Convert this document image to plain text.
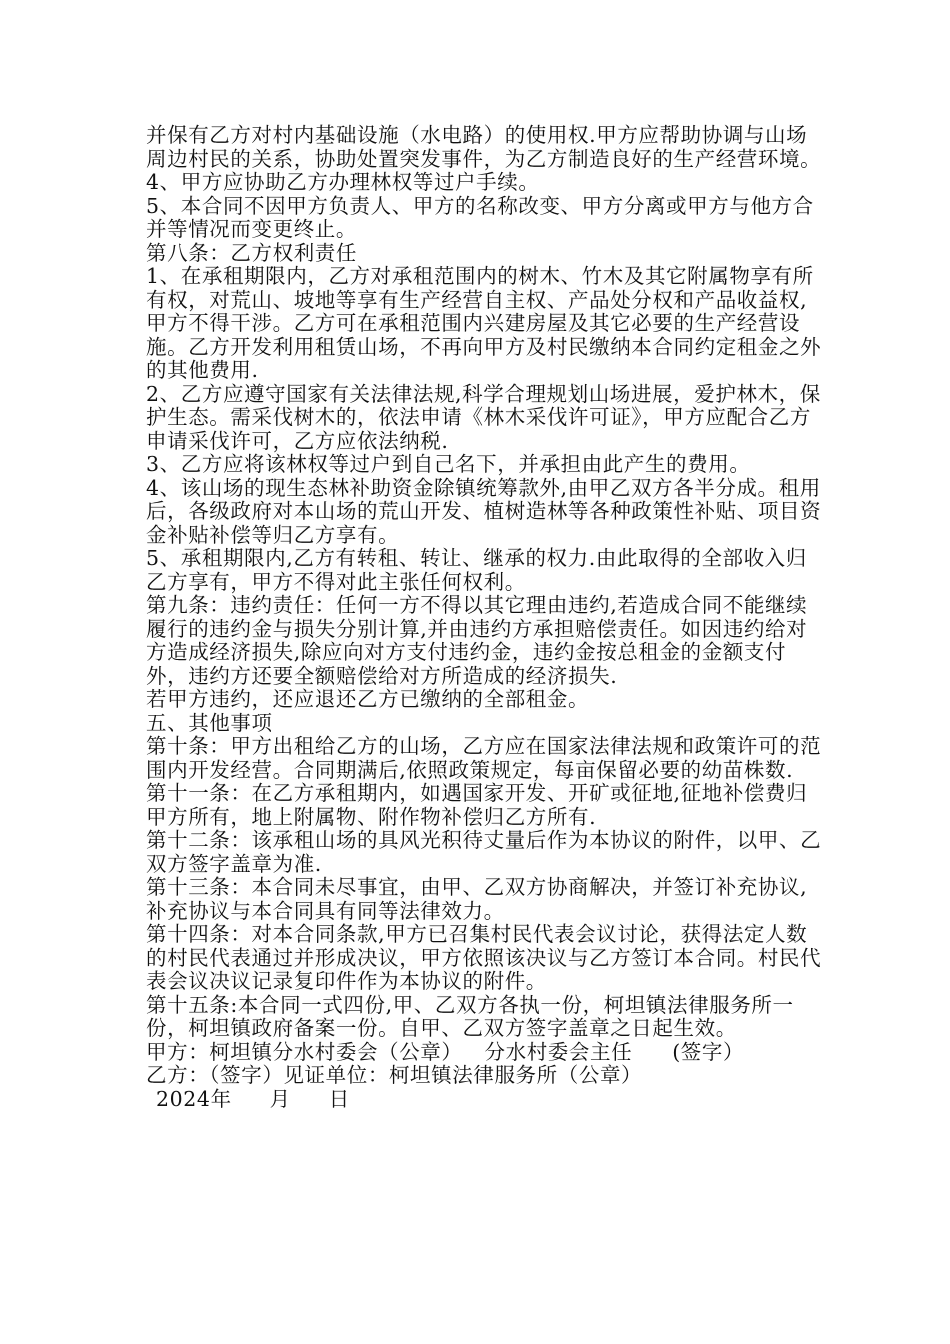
并保有乙方对村内基础设施（水电路）的使用权.甲方应帮助协调与山场周边村民的关系，协助处置突发事件，为乙方制造良好的生产经营环境。

4、甲方应协助乙方办理林权等过户手续。

5、本合同不因甲方负责人、甲方的名称改变、甲方分离或甲方与他方合并等情况而变更终止。

第八条：乙方权利责任

1、在承租期限内，乙方对承租范围内的树木、竹木及其它附属物享有所有权，对荒山、坡地等享有生产经营自主权、产品处分权和产品收益权,甲方不得干涉。乙方可在承租范围内兴建房屋及其它必要的生产经营设施。乙方开发利用租赁山场，不再向甲方及村民缴纳本合同约定租金之外的其他费用.

2、乙方应遵守国家有关法律法规,科学合理规划山场进展，爱护林木，保护生态。需采伐树木的，依法申请《林木采伐许可证》，甲方应配合乙方申请采伐许可，乙方应依法纳税.

3、乙方应将该林权等过户到自己名下，并承担由此产生的费用。

4、该山场的现生态林补助资金除镇统筹款外,由甲乙双方各半分成。租用后，各级政府对本山场的荒山开发、植树造林等各种政策性补贴、项目资金补贴补偿等归乙方享有。

5、承租期限内,乙方有转租、转让、继承的权力.由此取得的全部收入归乙方享有，甲方不得对此主张任何权利。

第九条：违约责任：任何一方不得以其它理由违约,若造成合同不能继续履行的违约金与损失分别计算,并由违约方承担赔偿责任。如因违约给对方造成经济损失,除应向对方支付违约金，违约金按总租金的金额支付外，违约方还要全额赔偿给对方所造成的经济损失.

若甲方违约，还应退还乙方已缴纳的全部租金。

五、其他事项

第十条：甲方出租给乙方的山场，乙方应在国家法律法规和政策许可的范围内开发经营。合同期满后,依照政策规定，每亩保留必要的幼苗株数.

第十一条：在乙方承租期内，如遇国家开发、开矿或征地,征地补偿费归甲方所有，地上附属物、附作物补偿归乙方所有.

第十二条：该承租山场的具风光积待丈量后作为本协议的附件，以甲、乙双方签字盖章为准.

第十三条：本合同未尽事宜，由甲、乙双方协商解决，并签订补充协议,补充协议与本合同具有同等法律效力。

第十四条：对本合同条款,甲方已召集村民代表会议讨论，获得法定人数的村民代表通过并形成决议，甲方依照该决议与乙方签订本合同。村民代表会议决议记录复印件作为本协议的附件。

第十五条:本合同一式四份,甲、乙双方各执一份，柯坦镇法律服务所一份，柯坦镇政府备案一份。自甲、乙双方签字盖章之日起生效。

甲方：柯坦镇分水村委会（公章） 分水村委会主任 (签字）

乙方：（签字）见证单位：柯坦镇法律服务所（公章）

2024年 月 日
